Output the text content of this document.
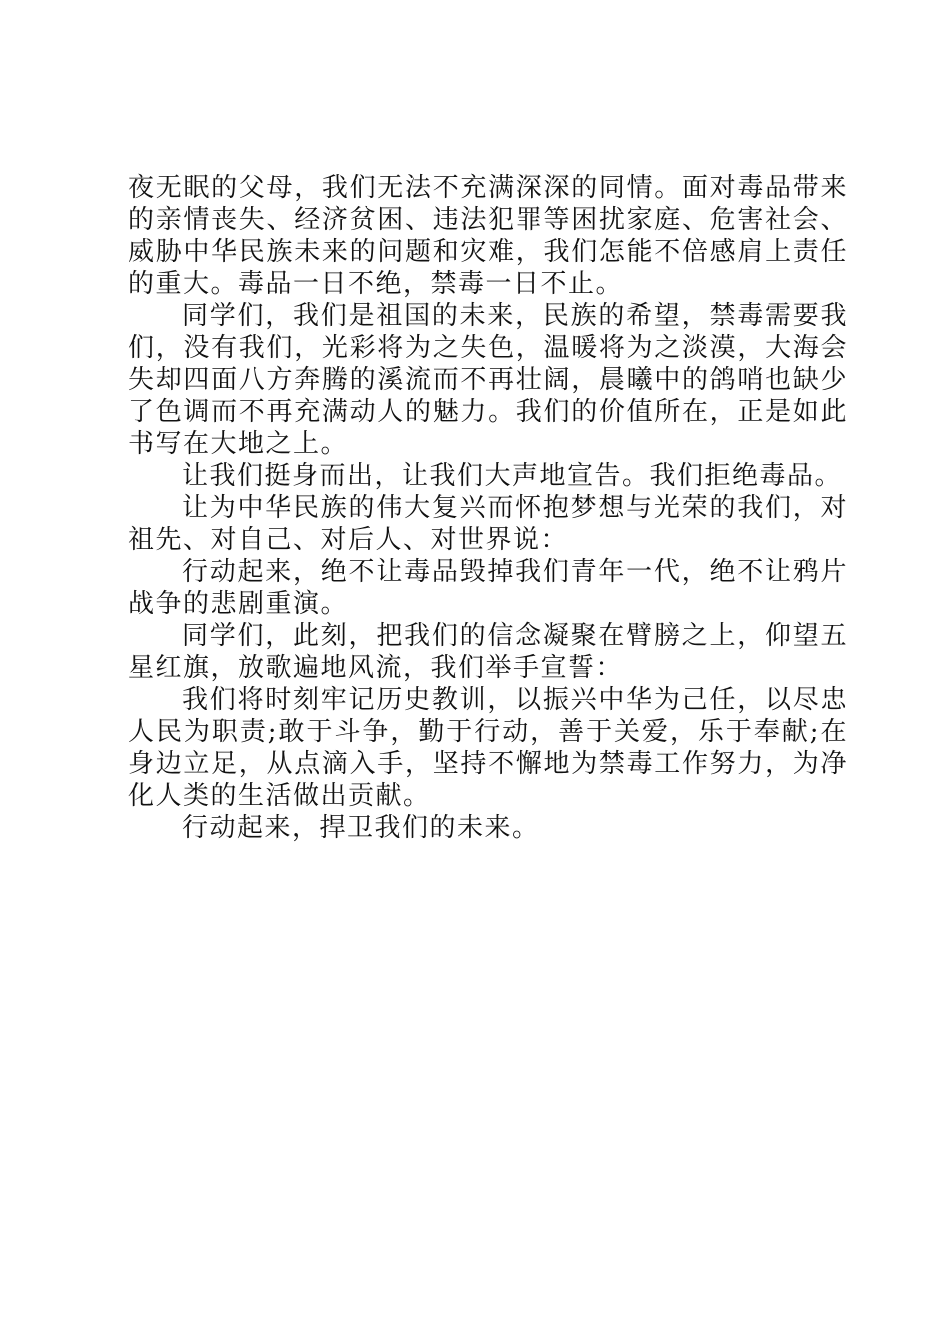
夜无眠的父母，我们无法不充满深深的同情。面对毒品带来的亲情丧失、经济贫困、违法犯罪等困扰家庭、危害社会、威胁中华民族未来的问题和灾难，我们怎能不倍感肩上责任的重大。毒品一日不绝，禁毒一日不止。

同学们，我们是祖国的未来，民族的希望，禁毒需要我们，没有我们，光彩将为之失色，温暖将为之淡漠，大海会失却四面八方奔腾的溪流而不再壮阔，晨曦中的鸽哨也缺少了色调而不再充满动人的魅力。我们的价值所在，正是如此书写在大地之上。

让我们挺身而出，让我们大声地宣告。我们拒绝毒品。

让为中华民族的伟大复兴而怀抱梦想与光荣的我们，对祖先、对自己、对后人、对世界说：

行动起来，绝不让毒品毁掉我们青年一代，绝不让鸦片战争的悲剧重演。

同学们，此刻，把我们的信念凝聚在臂膀之上，仰望五星红旗，放歌遍地风流，我们举手宣誓：

我们将时刻牢记历史教训，以振兴中华为己任，以尽忠人民为职责;敢于斗争，勤于行动，善于关爱，乐于奉献;在身边立足，从点滴入手，坚持不懈地为禁毒工作努力，为净化人类的生活做出贡献。

行动起来，捍卫我们的未来。
